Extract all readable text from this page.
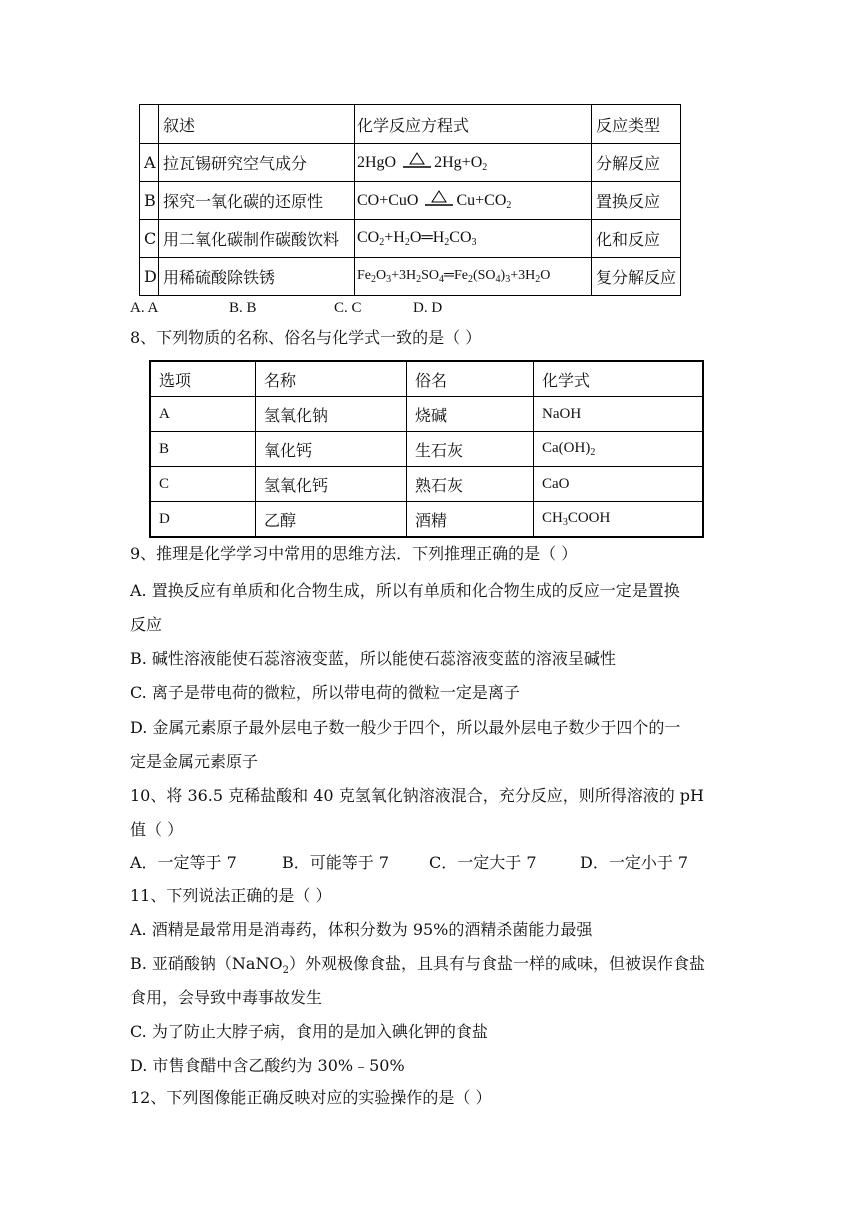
	叙述	化学反应方程式	反应类型
A	拉瓦锡研究空气成分	2HgO $2Hg+O_2$	分解反应
B	探究一氧化碳的还原性	CO+CuO $Cu+CO_2$	置换反应
C	用二氧化碳制作碳酸饮料	$CO_2+H_2O═H_2CO_3$	化和反应
D	用稀硫酸除铁锈	$Fe_2O_3+3H_2SO_4═Fe_2(SO_4)_3+3H_2O$	复分解反应
A. A	B. B	C. C	D. D
8、下列物质的名称、俗名与化学式一致的是（ ）
选项	名称	俗名	化学式
A	氢氧化钠	烧碱	NaOH
B	氧化钙	生石灰	$Ca(OH)_2$
C	氢氧化钙	熟石灰	CaO
D	乙醇	酒精	$CH_3COOH$
9、推理是化学学习中常用的思维方法．下列推理正确的是（ ）
A. 置换反应有单质和化合物生成，所以有单质和化合物生成的反应一定是置换
反应
B. 碱性溶液能使石蕊溶液变蓝，所以能使石蕊溶液变蓝的溶液呈碱性
C. 离子是带电荷的微粒，所以带电荷的微粒一定是离子
D. 金属元素原子最外层电子数一般少于四个，所以最外层电子数少于四个的一
定是金属元素原子
10、将 36.5 克稀盐酸和 40 克氢氧化钠溶液混合，充分反应，则所得溶液的 pH
值（ ）
A．一定等于 7	B．可能等于 7 C．一定大于 7	D．一定小于 7
11、下列说法正确的是（ ）
A. 酒精是最常用是消毒药，体积分数为 95%的酒精杀菌能力最强
B. 亚硝酸钠（NaNO$_2$）外观极像食盐，且具有与食盐一样的咸味，但被误作食盐
食用，会导致中毒事故发生
C. 为了防止大脖子病，食用的是加入碘化钾的食盐
D. 市售食醋中含乙酸约为 30%﹣50%
12、下列图像能正确反映对应的实验操作的是（ ）
